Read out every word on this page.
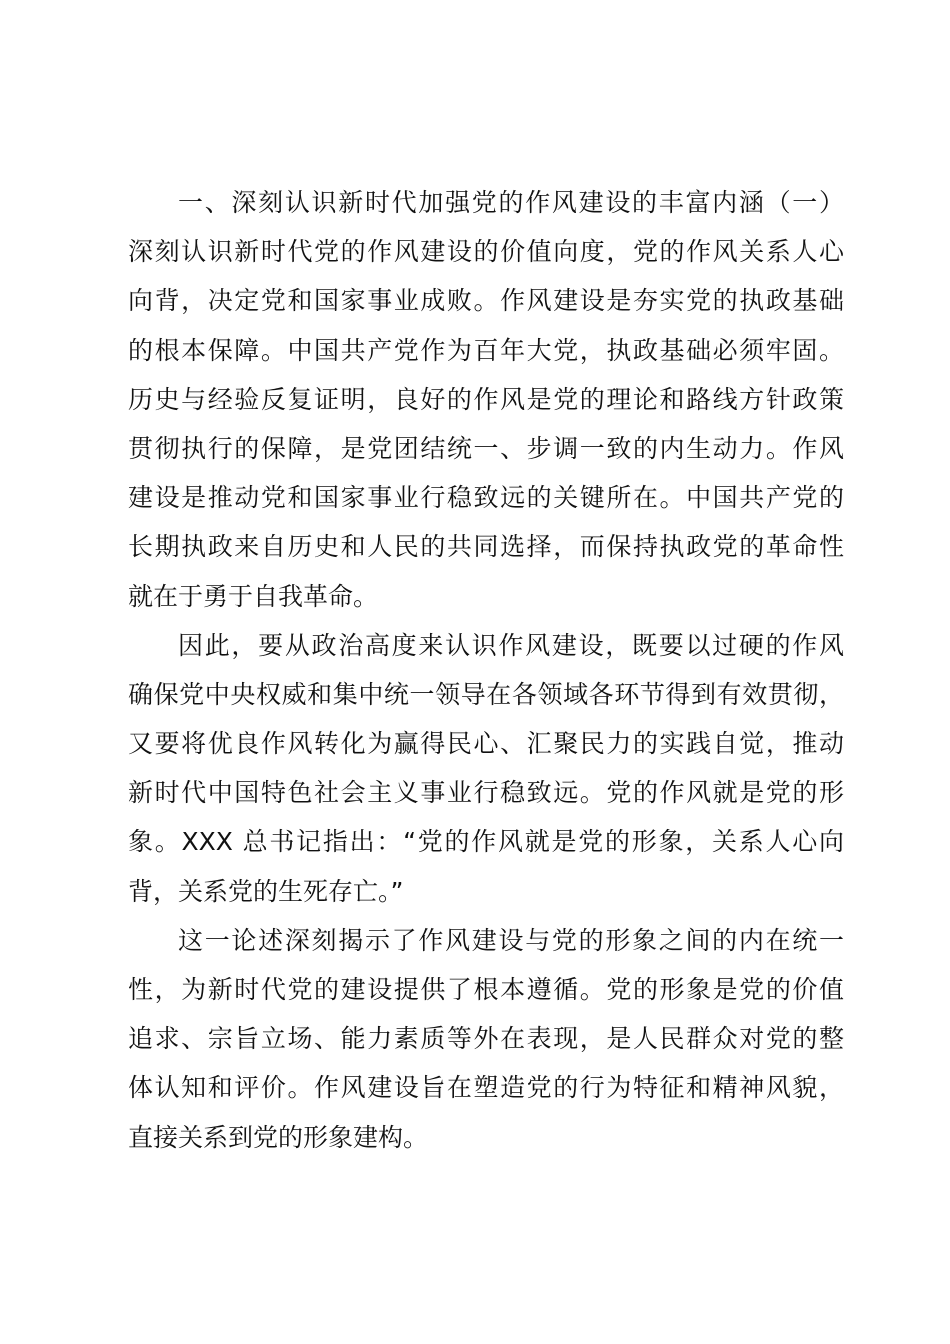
一、深刻认识新时代加强党的作风建设的丰富内涵（一）
深刻认识新时代党的作风建设的价值向度，党的作风关系人心
向背，决定党和国家事业成败。作风建设是夯实党的执政基础
的根本保障。中国共产党作为百年大党，执政基础必须牢固。
历史与经验反复证明，良好的作风是党的理论和路线方针政策
贯彻执行的保障，是党团结统一、步调一致的内生动力。作风
建设是推动党和国家事业行稳致远的关键所在。中国共产党的
长期执政来自历史和人民的共同选择，而保持执政党的革命性
就在于勇于自我革命。
因此，要从政治高度来认识作风建设，既要以过硬的作风
确保党中央权威和集中统一领导在各领域各环节得到有效贯彻，
又要将优良作风转化为赢得民心、汇聚民力的实践自觉，推动
新时代中国特色社会主义事业行稳致远。党的作风就是党的形
象。XXX 总书记指出：“党的作风就是党的形象，关系人心向
背，关系党的生死存亡。”
这一论述深刻揭示了作风建设与党的形象之间的内在统一
性，为新时代党的建设提供了根本遵循。党的形象是党的价值
追求、宗旨立场、能力素质等外在表现，是人民群众对党的整
体认知和评价。作风建设旨在塑造党的行为特征和精神风貌，
直接关系到党的形象建构。
